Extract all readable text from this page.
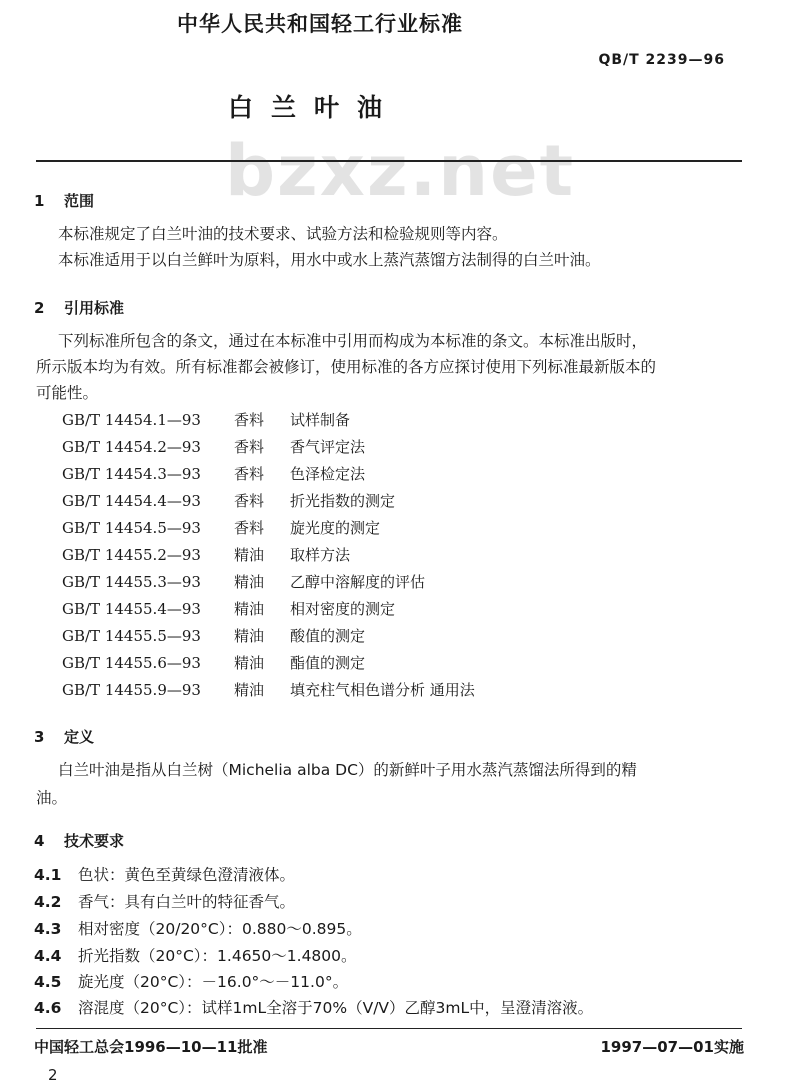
bzxz.net
中华人民共和国轻工行业标准
QB/T 2239—96
白兰叶油
1 范围
本标准规定了白兰叶油的技术要求、试验方法和检验规则等内容。
本标准适用于以白兰鲜叶为原料，用水中或水上蒸汽蒸馏方法制得的白兰叶油。
2 引用标准
下列标准所包含的条文，通过在本标准中引用而构成为本标准的条文。本标准出版时，
所示版本均为有效。所有标准都会被修订，使用标准的各方应探讨使用下列标准最新版本的
可能性。
GB/T 14454.1—93 香料 试样制备
GB/T 14454.2—93 香料 香气评定法
GB/T 14454.3—93 香料 色泽检定法
GB/T 14454.4—93 香料 折光指数的测定
GB/T 14454.5—93 香料 旋光度的测定
GB/T 14455.2—93 精油 取样方法
GB/T 14455.3—93 精油 乙醇中溶解度的评估
GB/T 14455.4—93 精油 相对密度的测定
GB/T 14455.5—93 精油 酸值的测定
GB/T 14455.6—93 精油 酯值的测定
GB/T 14455.9—93 精油 填充柱气相色谱分析 通用法
3 定义
白兰叶油是指从白兰树（Michelia alba DC）的新鲜叶子用水蒸汽蒸馏法所得到的精
油。
4 技术要求
4.1 色状：黄色至黄绿色澄清液体。
4.2 香气：具有白兰叶的特征香气。
4.3 相对密度（20/20°C）：0.880～0.895。
4.4 折光指数（20°C）：1.4650～1.4800。
4.5 旋光度（20°C）：－16.0°～－11.0°。
4.6 溶混度（20°C）：试样1mL全溶于70%（V/V）乙醇3mL中，呈澄清溶液。
中国轻工总会1996—10—11批准	1997—07—01实施
2
